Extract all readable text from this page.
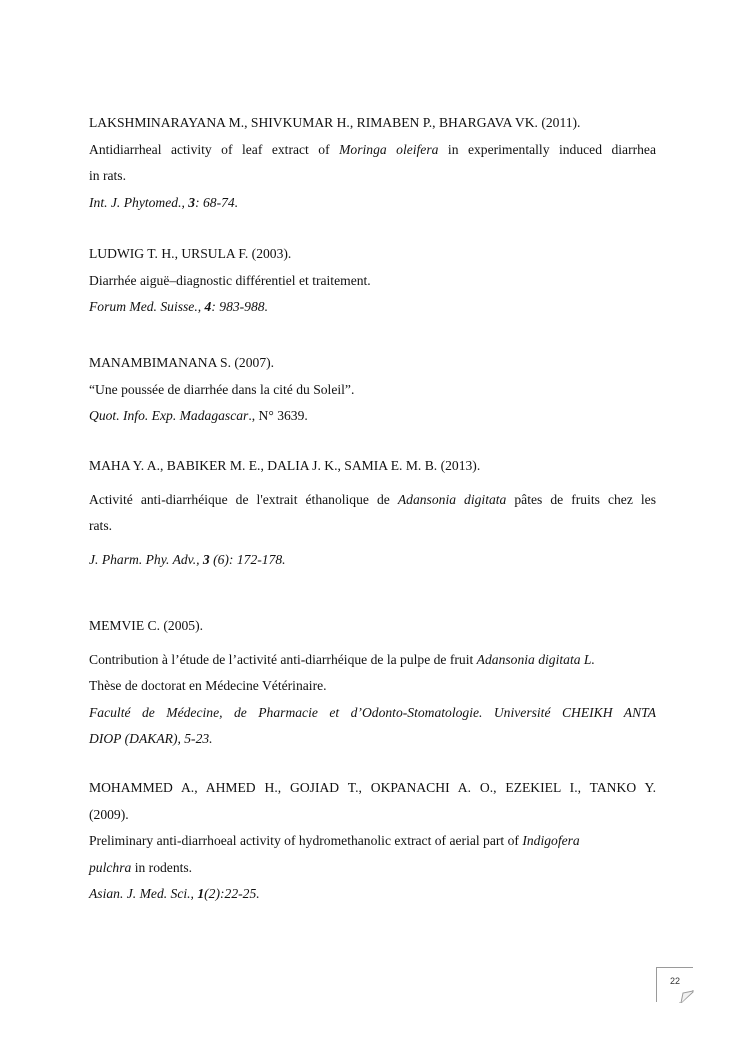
LAKSHMINARAYANA M., SHIVKUMAR H., RIMABEN P., BHARGAVA VK. (2011).
Antidiarrheal activity of leaf extract of Moringa oleifera in experimentally induced diarrhea
in rats.
Int. J. Phytomed., 3: 68-74.
LUDWIG T. H., URSULA F. (2003).
Diarrhée aiguë–diagnostic différentiel et traitement.
Forum Med. Suisse., 4: 983-988.
MANAMBIMANANA S. (2007).
“Une poussée de diarrhée dans la cité du Soleil”.
Quot. Info. Exp. Madagascar., N° 3639.
MAHA Y. A., BABIKER M. E., DALIA J. K., SAMIA E. M. B. (2013).
Activité anti-diarrhéique de l'extrait éthanolique de Adansonia digitata pâtes de fruits chez les
rats.
J. Pharm. Phy. Adv., 3 (6): 172-178.
MEMVIE C. (2005).
Contribution à l’étude de l’activité anti-diarrhéique de la pulpe de fruit Adansonia digitata L.
Thèse de doctorat en Médecine Vétérinaire.
Faculté de Médecine, de Pharmacie et d’Odonto-Stomatologie. Université CHEIKH ANTA
DIOP (DAKAR), 5-23.
MOHAMMED A., AHMED H., GOJIAD T., OKPANACHI A. O., EZEKIEL I., TANKO Y.
(2009).
Preliminary anti-diarrhoeal activity of hydromethanolic extract of aerial part of Indigofera
pulchra in rodents.
Asian. J. Med. Sci., 1(2):22-25.
22
